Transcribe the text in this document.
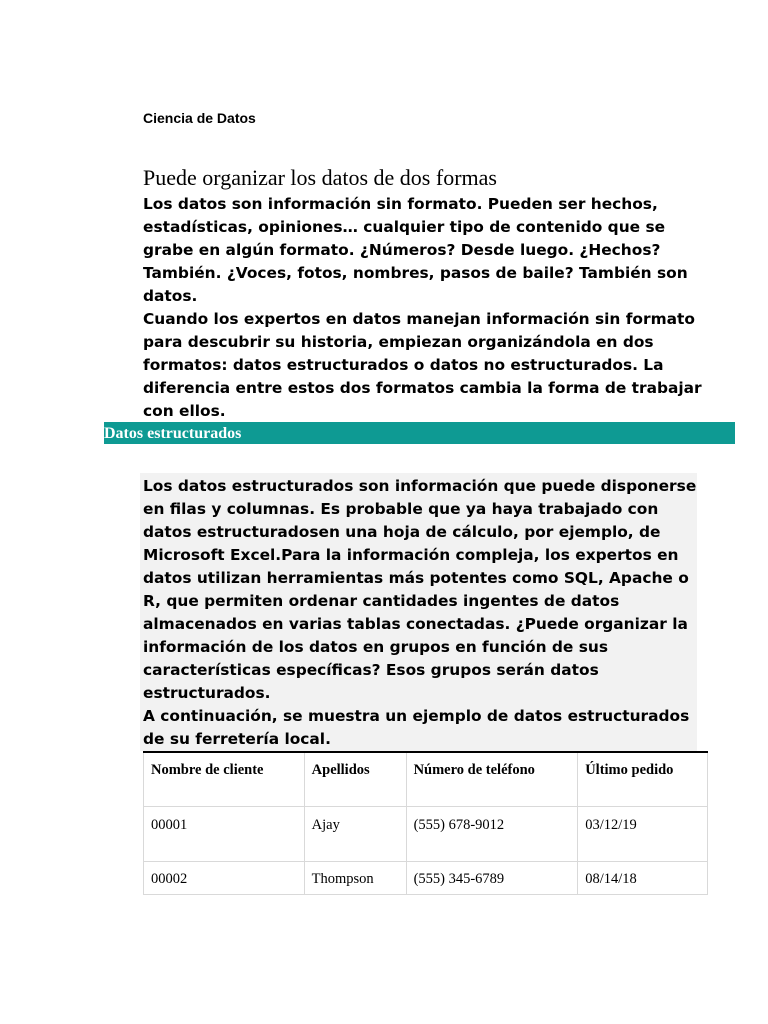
Ciencia de Datos
Puede organizar los datos de dos formas
Los datos son información sin formato. Pueden ser hechos, estadísticas, opiniones… cualquier tipo de contenido que se grabe en algún formato. ¿Números? Desde luego. ¿Hechos? También. ¿Voces, fotos, nombres, pasos de baile? También son datos.
Cuando los expertos en datos manejan información sin formato para descubrir su historia, empiezan organizándola en dos formatos: datos estructurados o datos no estructurados. La diferencia entre estos dos formatos cambia la forma de trabajar con ellos.
Datos estructurados
Los datos estructurados son información que puede disponerse en filas y columnas. Es probable que ya haya trabajado con datos estructuradosen una hoja de cálculo, por ejemplo, de Microsoft Excel.Para la información compleja, los expertos en datos utilizan herramientas más potentes como SQL, Apache o R, que permiten ordenar cantidades ingentes de datos almacenados en varias tablas conectadas. ¿Puede organizar la información de los datos en grupos en función de sus características específicas? Esos grupos serán datos estructurados.
A continuación, se muestra un ejemplo de datos estructurados de su ferretería local.
Nombre de cliente	Apellidos	Número de teléfono	Último pedido
00001	Ajay	(555) 678-9012	03/12/19
00002	Thompson	(555) 345-6789	08/14/18
